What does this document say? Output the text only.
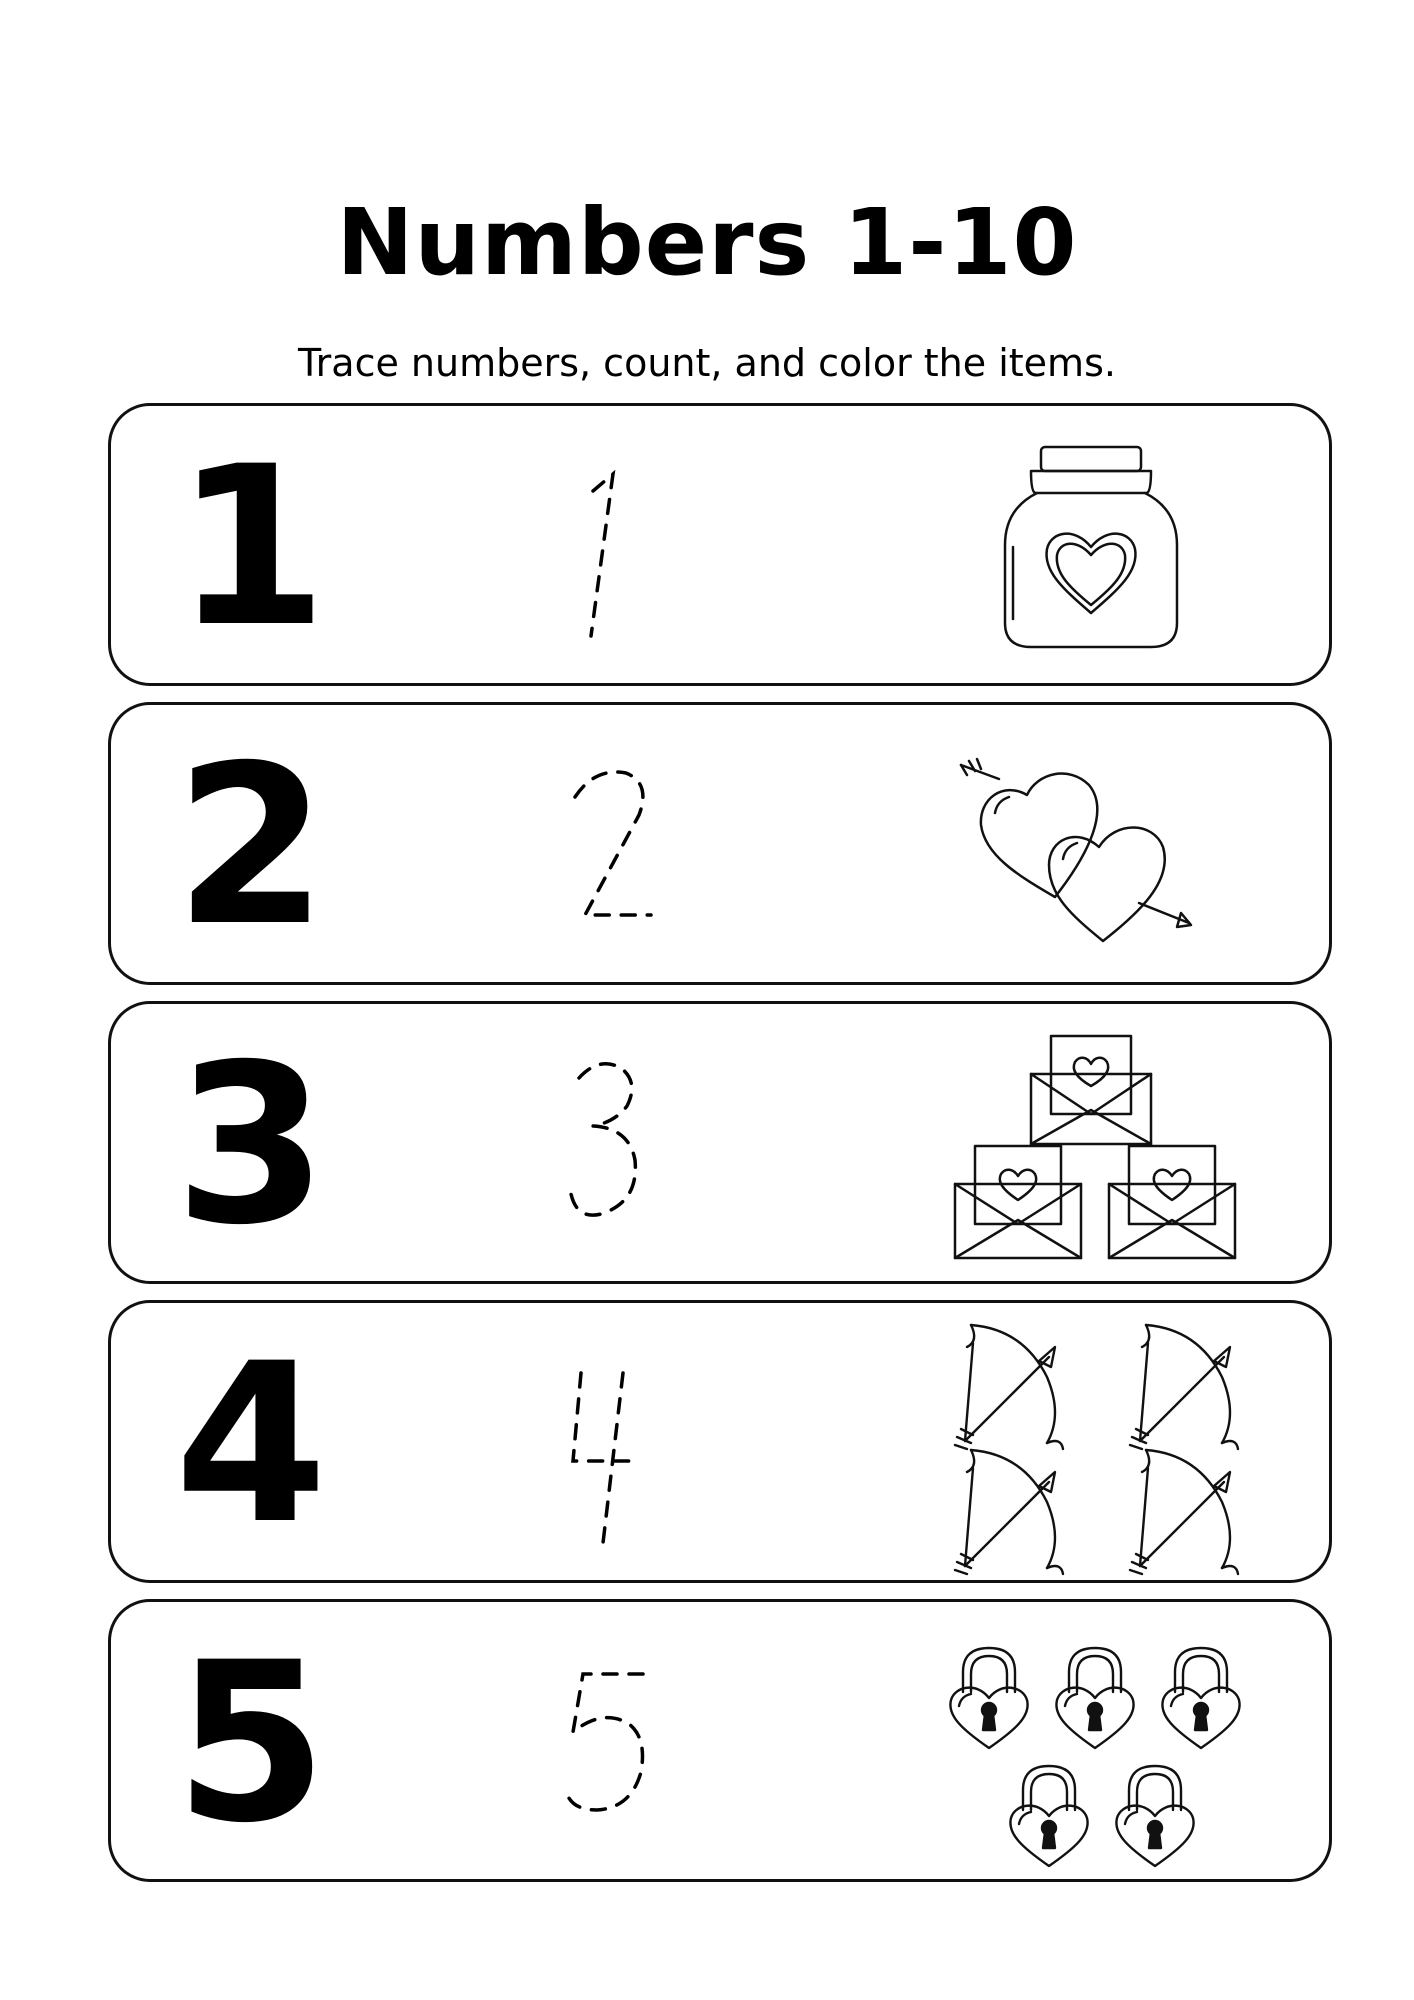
Numbers 1-10
Trace numbers, count, and color the items.
1
2
3
4
5
